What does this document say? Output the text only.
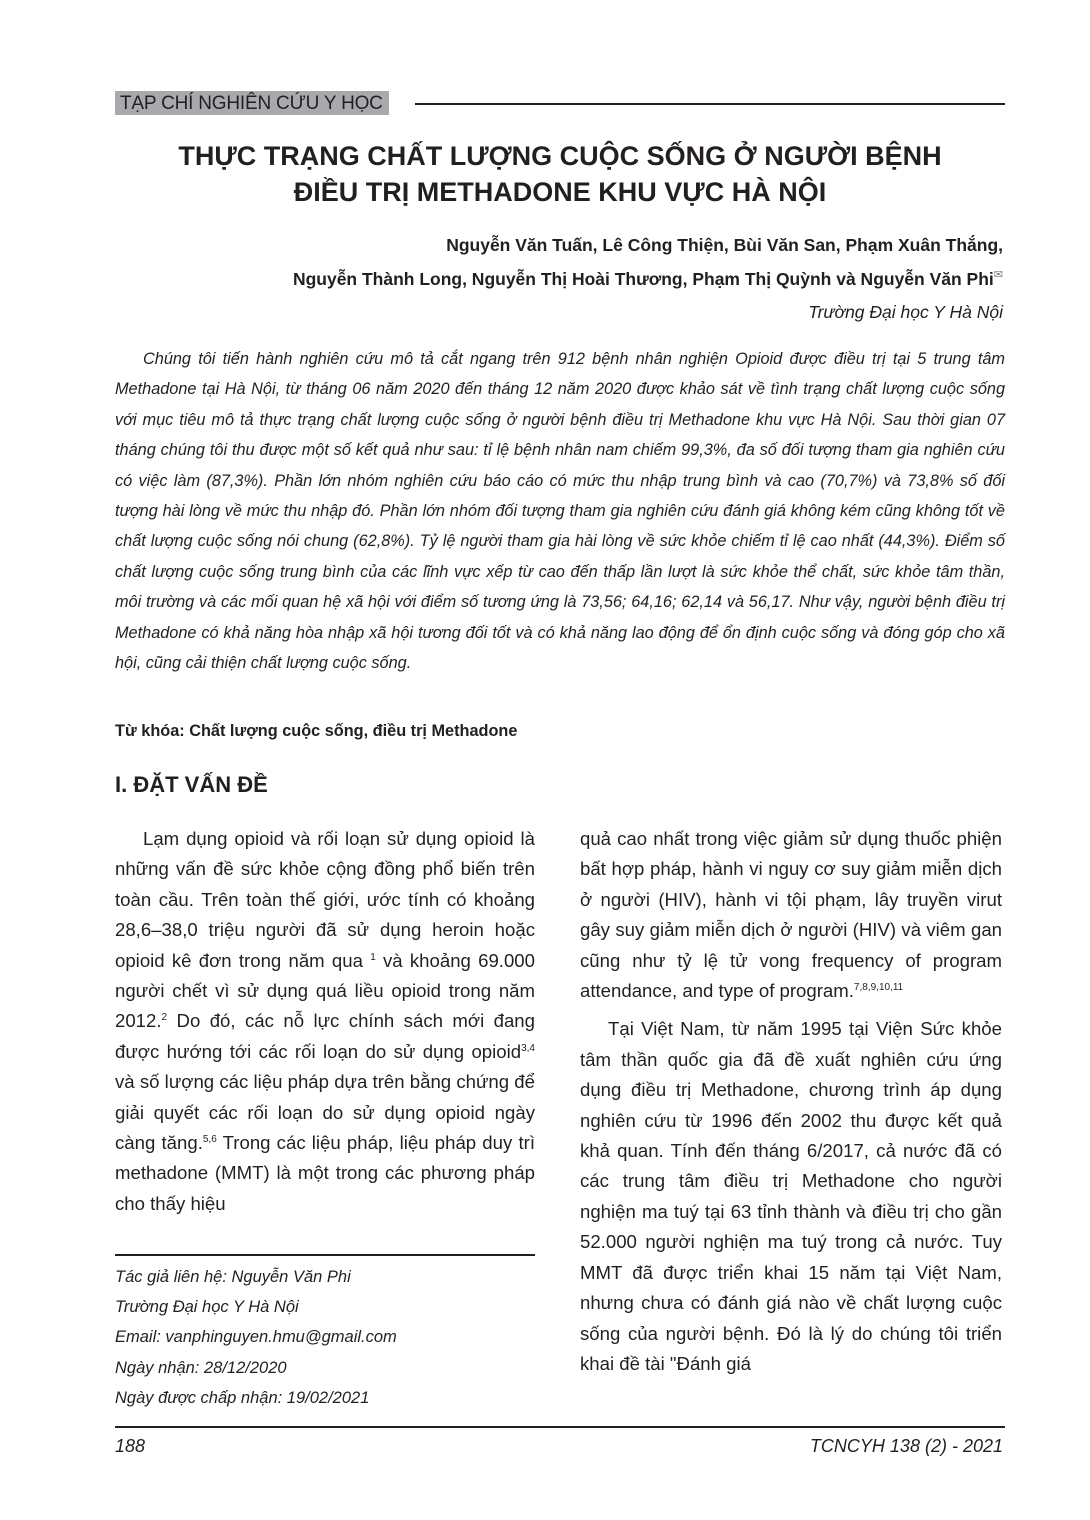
TẠP CHÍ NGHIÊN CỨU Y HỌC
THỰC TRẠNG CHẤT LƯỢNG CUỘC SỐNG Ở NGƯỜI BỆNH
ĐIỀU TRỊ METHADONE KHU VỰC HÀ NỘI
Nguyễn Văn Tuấn, Lê Công Thiện, Bùi Văn San, Phạm Xuân Thắng,
Nguyễn Thành Long, Nguyễn Thị Hoài Thương, Phạm Thị Quỳnh và Nguyễn Văn Phi✉
Trường Đại học Y Hà Nội

Chúng tôi tiến hành nghiên cứu mô tả cắt ngang trên 912 bệnh nhân nghiện Opioid được điều trị tại 5 trung tâm Methadone tại Hà Nội, từ tháng 06 năm 2020 đến tháng 12 năm 2020 được khảo sát về tình trạng chất lượng cuộc sống với mục tiêu mô tả thực trạng chất lượng cuộc sống ở người bệnh điều trị Methadone khu vực Hà Nội. Sau thời gian 07 tháng chúng tôi thu được một số kết quả như sau: tỉ lệ bệnh nhân nam chiếm 99,3%, đa số đối tượng tham gia nghiên cứu có việc làm (87,3%). Phần lớn nhóm nghiên cứu báo cáo có mức thu nhập trung bình và cao (70,7%) và 73,8% số đối tượng hài lòng về mức thu nhập đó. Phần lớn nhóm đối tượng tham gia nghiên cứu đánh giá không kém cũng không tốt về chất lượng cuộc sống nói chung (62,8%). Tỷ lệ người tham gia hài lòng về sức khỏe chiếm tỉ lệ cao nhất (44,3%). Điểm số chất lượng cuộc sống trung bình của các lĩnh vực xếp từ cao đến thấp lần lượt là sức khỏe thể chất, sức khỏe tâm thần, môi trường và các mối quan hệ xã hội với điểm số tương ứng là 73,56; 64,16; 62,14 và 56,17. Như vậy, người bệnh điều trị Methadone có khả năng hòa nhập xã hội tương đối tốt và có khả năng lao động để ổn định cuộc sống và đóng góp cho xã hội, cũng cải thiện chất lượng cuộc sống.

Từ khóa: Chất lượng cuộc sống, điều trị Methadone
I. ĐẶT VẤN ĐỀ

Lạm dụng opioid và rối loạn sử dụng opioid là những vấn đề sức khỏe cộng đồng phổ biến trên toàn cầu. Trên toàn thế giới, ước tính có khoảng 28,6–38,0 triệu người đã sử dụng heroin hoặc opioid kê đơn trong năm qua $^1$ và khoảng 69.000 người chết vì sử dụng quá liều opioid trong năm 2012.$^2$ Do đó, các nỗ lực chính sách mới đang được hướng tới các rối loạn do sử dụng opioid$^{3,4}$ và số lượng các liệu pháp dựa trên bằng chứng để giải quyết các rối loạn do sử dụng opioid ngày càng tăng.$^{5,6}$ Trong các liệu pháp, liệu pháp duy trì methadone (MMT) là một trong các phương pháp cho thấy hiệu

quả cao nhất trong việc giảm sử dụng thuốc phiện bất hợp pháp, hành vi nguy cơ suy giảm miễn dịch ở người (HIV), hành vi tội phạm, lây truyền virut gây suy giảm miễn dịch ở người (HIV) và viêm gan cũng như tỷ lệ tử vong frequency of program attendance, and type of program.$^{7,8,9,10,11}$

Tại Việt Nam, từ năm 1995 tại Viện Sức khỏe tâm thần quốc gia đã đề xuất nghiên cứu ứng dụng điều trị Methadone, chương trình áp dụng nghiên cứu từ 1996 đến 2002 thu được kết quả khả quan. Tính đến tháng 6/2017, cả nước đã có các trung tâm điều trị Methadone cho người nghiện ma tuý tại 63 tỉnh thành và điều trị cho gần 52.000 người nghiện ma tuý trong cả nước. Tuy MMT đã được triển khai 15 năm tại Việt Nam, nhưng chưa có đánh giá nào về chất lượng cuộc sống của người bệnh. Đó là lý do chúng tôi triển khai đề tài "Đánh giá

Tác giả liên hệ: Nguyễn Văn Phi
Trường Đại học Y Hà Nội
Email: vanphinguyen.hmu@gmail.com
Ngày nhận: 28/12/2020
Ngày được chấp nhận: 19/02/2021
188	TCNCYH 138 (2) - 2021
